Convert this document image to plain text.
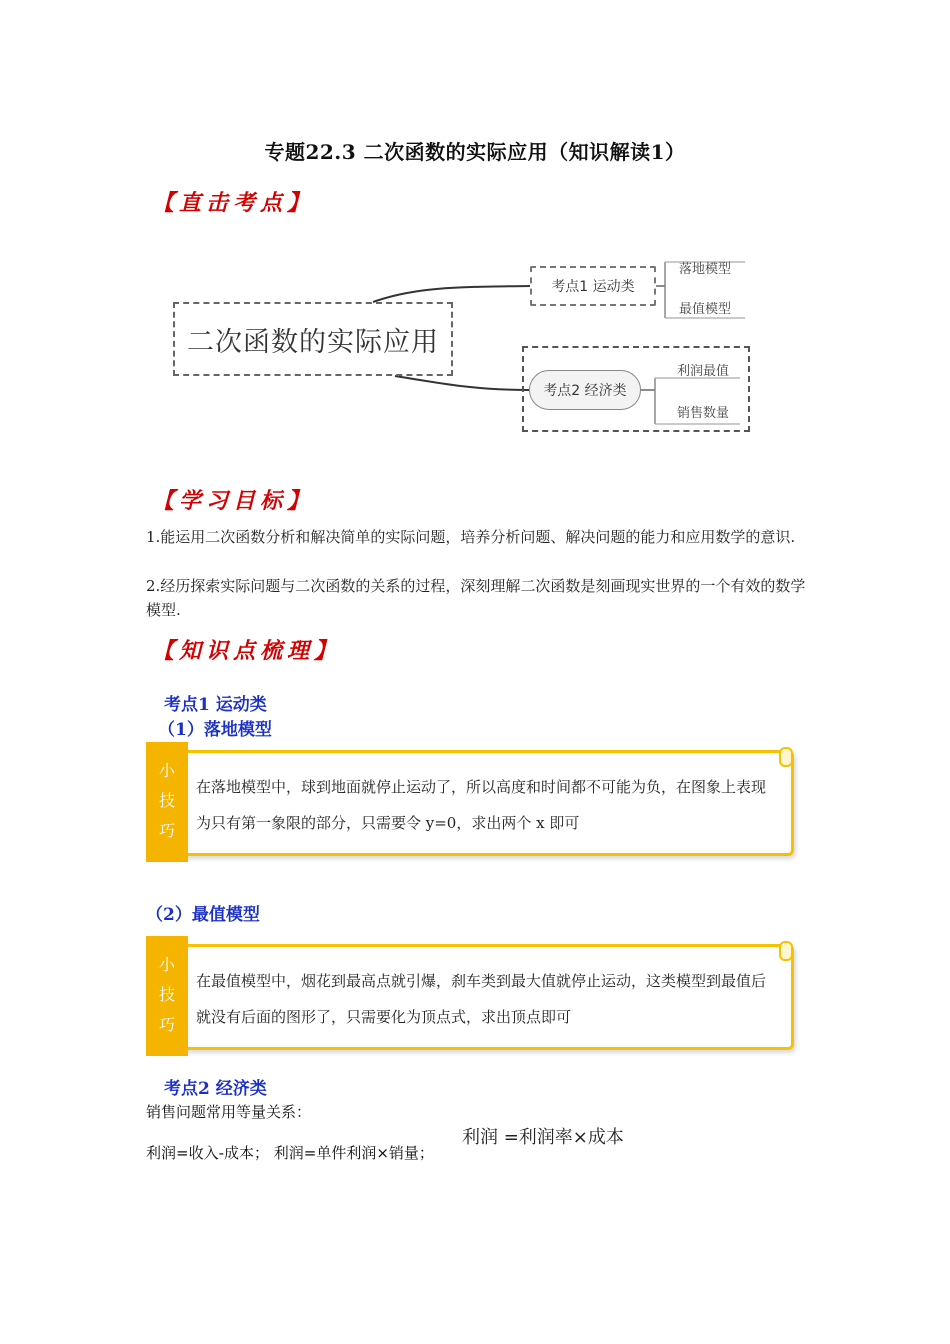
专题22.3 二次函数的实际应用（知识解读1）
【直击考点】
二次函数的实际应用
考点1 运动类
落地模型
最值模型
考点2 经济类
利润最值
销售数量
【学习目标】
1.能运用二次函数分析和解决简单的实际问题，培养分析问题、解决问题的能力和应用数学的意识.
2.经历探索实际问题与二次函数的关系的过程，深刻理解二次函数是刻画现实世界的一个有效的数学模型.
【知识点梳理】
考点1 运动类
（1）落地模型
在落地模型中，球到地面就停止运动了，所以高度和时间都不可能为负，在图象上表现为只有第一象限的部分，只需要令 y=0，求出两个 x 即可
小
技
巧
（2）最值模型
在最值模型中，烟花到最高点就引爆，刹车类到最大值就停止运动，这类模型到最值后就没有后面的图形了，只需要化为顶点式，求出顶点即可
小
技
巧
考点2 经济类
销售问题常用等量关系：
利润 =利润率×成本
利润=收入-成本； 利润=单件利润×销量；
